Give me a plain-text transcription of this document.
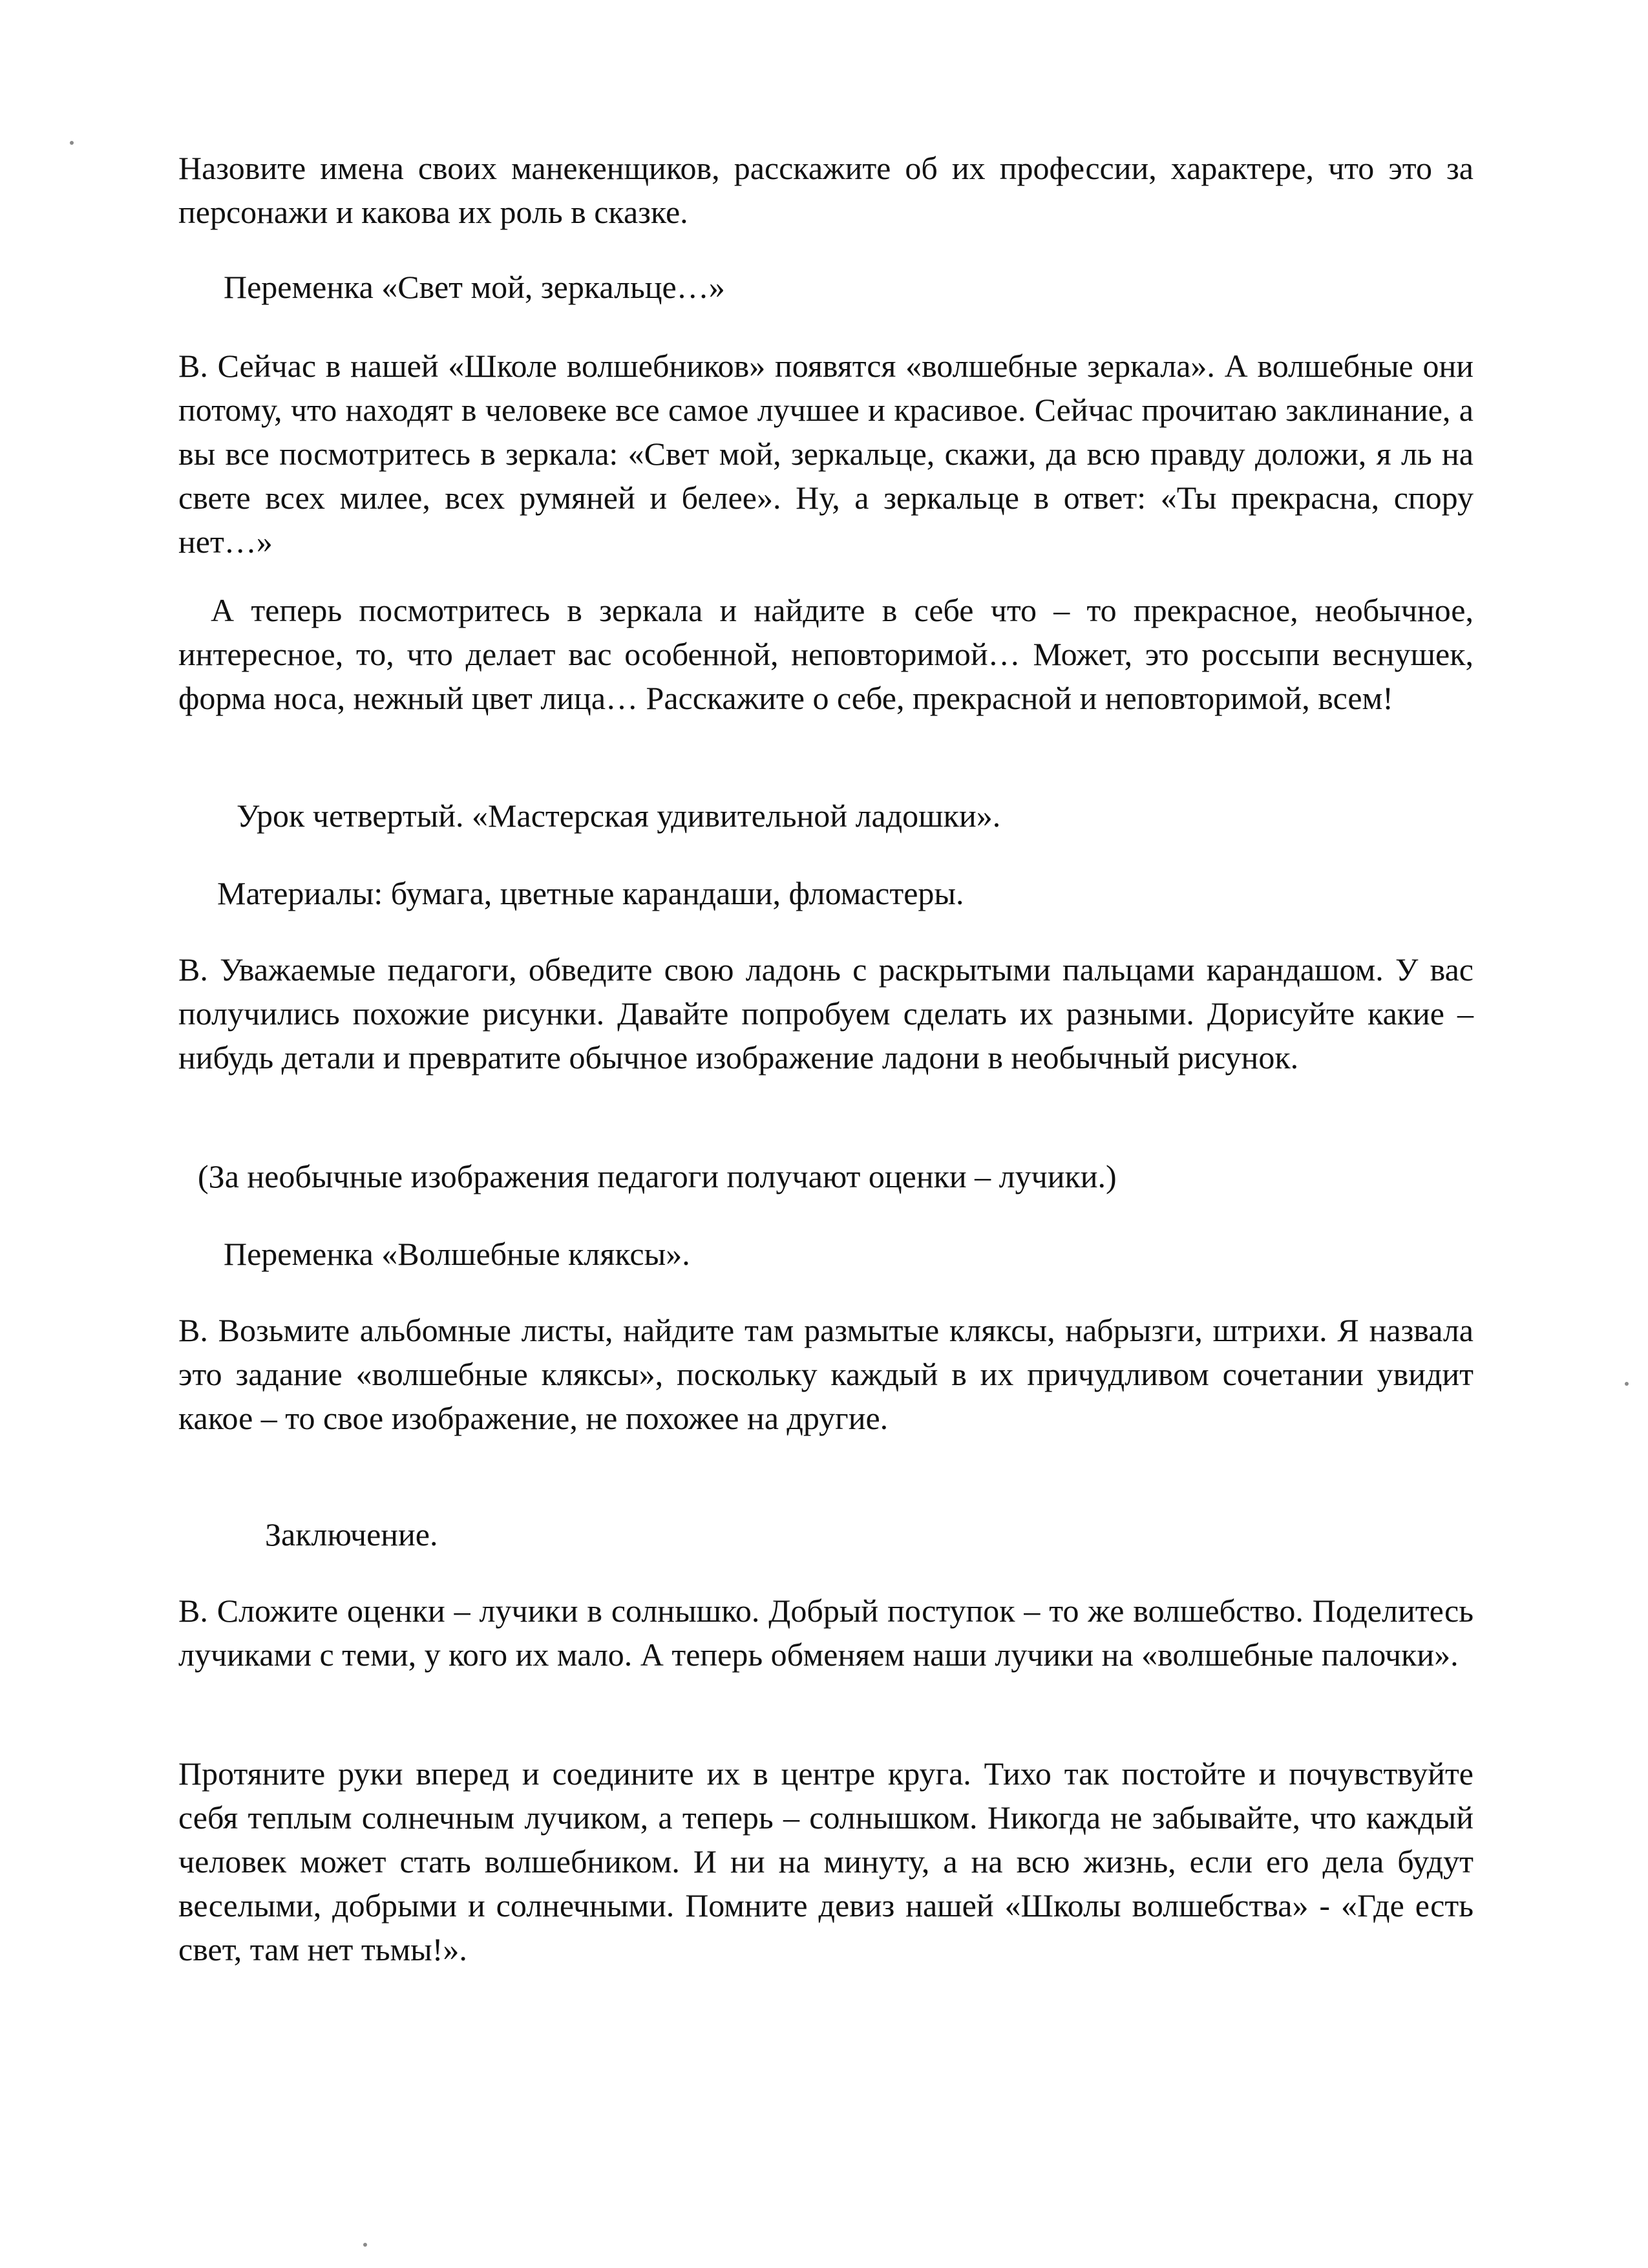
Назовите имена своих манекенщиков, расскажите об их профессии, характере, что это за персонажи и какова их роль в сказке.

Переменка «Свет мой, зеркальце…»

В. Сейчас в нашей «Школе волшебников» появятся «волшебные зеркала». А волшебные они потому, что находят в человеке все самое лучшее и красивое. Сейчас прочитаю заклинание, а вы все посмотритесь в зеркала: «Свет мой, зеркальце, скажи, да всю правду доложи, я ль на свете всех милее, всех румяней и белее». Ну, а зеркальце в ответ: «Ты прекрасна, спору нет…»

А теперь посмотритесь в зеркала и найдите в себе что – то прекрасное, необычное, интересное, то, что делает вас особенной, неповторимой… Может, это россыпи веснушек, форма носа, нежный цвет лица… Расскажите о себе, прекрасной и неповторимой, всем!

Урок четвертый. «Мастерская удивительной ладошки».

Материалы: бумага, цветные карандаши, фломастеры.

В. Уважаемые педагоги, обведите свою ладонь с раскрытыми пальцами карандашом. У вас получились похожие рисунки. Давайте попробуем сделать их разными. Дорисуйте какие – нибудь детали и превратите обычное изображение ладони в необычный рисунок.

(За необычные изображения педагоги получают оценки – лучики.)

Переменка «Волшебные кляксы».

В. Возьмите альбомные листы, найдите там размытые кляксы, набрызги, штрихи. Я назвала это задание «волшебные кляксы», поскольку каждый в их причудливом сочетании увидит какое – то свое изображение, не похожее на другие.

Заключение.

В. Сложите оценки – лучики в солнышко. Добрый поступок – то же волшебство. Поделитесь лучиками с теми, у кого их мало. А теперь обменяем наши лучики на «волшебные палочки».

Протяните руки вперед и соедините их в центре круга. Тихо так постойте и почувствуйте себя теплым солнечным лучиком, а теперь – солнышком. Никогда не забывайте, что каждый человек может стать волшебником. И ни на минуту, а на всю жизнь, если его дела будут веселыми, добрыми и солнечными. Помните девиз нашей «Школы волшебства» - «Где есть свет, там нет тьмы!».
